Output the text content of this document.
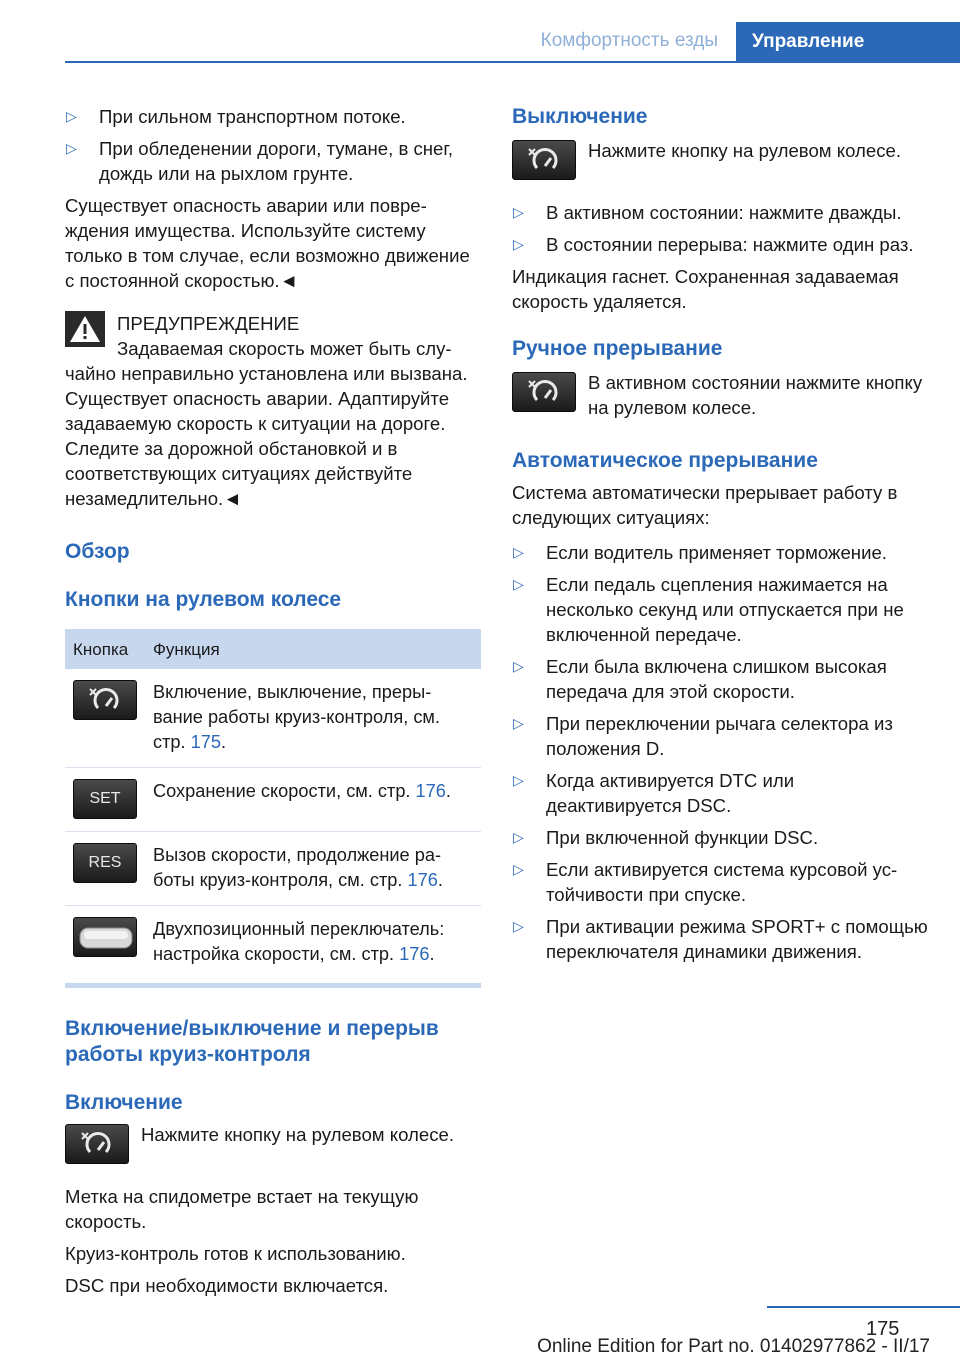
Комфортность езды	Управление
▷ При сильном транспортном потоке.
▷ При обледенении дороги, тумане, в снег, дождь или на рыхлом грунте.

Существует опасность аварии или повреждения имущества. Используйте систему только в том случае, если возможно движение с постоянной скоростью.◄

ПРЕДУПРЕЖДЕНИЕ
Задаваемая скорость может быть случайно неправильно установлена или вызвана. Существует опасность аварии. Адаптируйте задаваемую скорость к ситуации на дороге. Следите за дорожной обстановкой и в соответствующих ситуациях действуйте незамедлительно.◄
Обзор
Кнопки на рулевом колесе
Кнопка	Функция
	Включение, выключение, прерывание работы круиз-контроля, см. стр. 175.
SET	Сохранение скорости, см. стр. 176.
RES	Вызов скорости, продолжение работы круиз-контроля, см. стр. 176.
	Двухпозиционный переключатель: настройка скорости, см. стр. 176.
Включение/выключение и перерыв работы круиз-контроля
Включение
Нажмите кнопку на рулевом колесе.

Метка на спидометре встает на текущую скорость.

Круиз-контроль готов к использованию.

DSC при необходимости включается.

Выключение
Нажмите кнопку на рулевом колесе.
▷ В активном состоянии: нажмите дважды.
▷ В состоянии перерыва: нажмите один раз.

Индикация гаснет. Сохраненная задаваемая скорость удаляется.

Ручное прерывание
В активном состоянии нажмите кнопку на рулевом колесе.
Автоматическое прерывание

Система автоматически прерывает работу в следующих ситуациях:

▷ Если водитель применяет торможение.
▷ Если педаль сцепления нажимается на несколько секунд или отпускается при не включенной передаче.
▷ Если была включена слишком высокая передача для этой скорости.
▷ При переключении рычага селектора из положения D.
▷ Когда активируется DTC или деактивируется DSC.
▷ При включенной функции DSC.
▷ Если активируется система курсовой устойчивости при спуске.
▷ При активации режима SPORT+ с помощью переключателя динамики движения.
175
Online Edition for Part no. 01402977862 - II/17
